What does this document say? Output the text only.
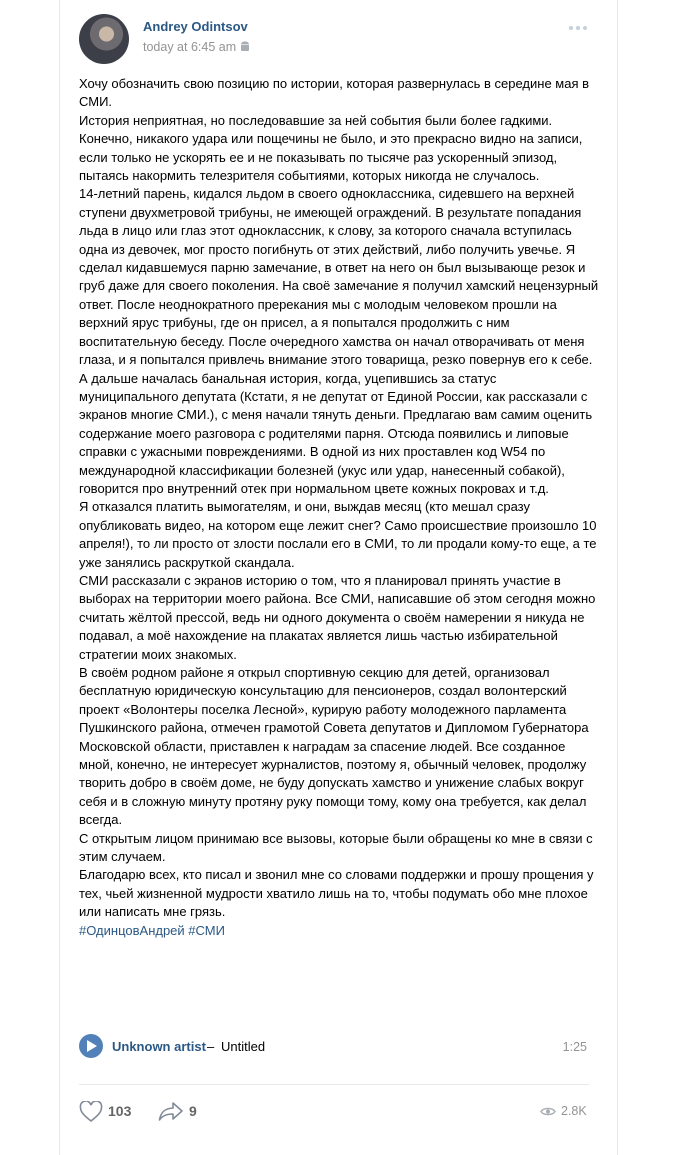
Andrey Odintsov
today at 6:45 am

Хочу обозначить свою позицию по истории, которая развернулась в середине мая в СМИ.

История неприятная, но последовавшие за ней события были более гадкими.

Конечно, никакого удара или пощечины не было, и это прекрасно видно на записи, если только не ускорять ее и не показывать по тысяче раз ускоренный эпизод, пытаясь накормить телезрителя событиями, которых никогда не случалось.

14-летний парень, кидался льдом в своего одноклассника, сидевшего на верхней ступени двухметровой трибуны, не имеющей ограждений. В результате попадания льда в лицо или глаз этот одноклассник, к слову, за которого сначала вступилась одна из девочек, мог просто погибнуть от этих действий, либо получить увечье. Я сделал кидавшемуся парню замечание, в ответ на него он был вызывающе резок и груб даже для своего поколения. На своё замечание я получил хамский нецензурный ответ. После неоднократного пререкания мы с молодым человеком прошли на верхний ярус трибуны, где он присел, а я попытался продолжить с ним воспитательную беседу. После очередного хамства он начал отворачивать от меня глаза, и я попытался привлечь внимание этого товарища, резко повернув его к себе.

А дальше началась банальная история, когда, уцепившись за статус муниципального депутата (Кстати, я не депутат от Единой России, как рассказали с экранов многие СМИ.), с меня начали тянуть деньги. Предлагаю вам самим оценить содержание моего разговора с родителями парня. Отсюда появились и липовые справки с ужасными повреждениями. В одной из них проставлен код W54 по международной классификации болезней (укус или удар, нанесенный собакой), говорится про внутренний отек при нормальном цвете кожных покровах и т.д.

Я отказался платить вымогателям, и они, выждав месяц (кто мешал сразу опубликовать видео, на котором еще лежит снег? Само происшествие произошло 10 апреля!), то ли просто от злости послали его в СМИ, то ли продали кому-то еще, а те уже занялись раскруткой скандала.

СМИ рассказали с экранов историю о том, что я планировал принять участие в выборах на территории моего района. Все СМИ, написавшие об этом сегодня можно считать жёлтой прессой, ведь ни одного документа о своём намерении я никуда не подавал, а моё нахождение на плакатах является лишь частью избирательной стратегии моих знакомых.

В своём родном районе я открыл спортивную секцию для детей, организовал бесплатную юридическую консультацию для пенсионеров, создал волонтерский проект «Волонтеры поселка Лесной», курирую работу молодежного парламента Пушкинского района, отмечен грамотой Совета депутатов и Дипломом Губернатора Московской области, приставлен к наградам за спасение людей. Все созданное мной, конечно, не интересует журналистов, поэтому я, обычный человек, продолжу творить добро в своём доме, не буду допускать хамство и унижение слабых вокруг себя и в сложную минуту протяну руку помощи тому, кому она требуется, как делал всегда.

С открытым лицом принимаю все вызовы, которые были обращены ко мне в связи с этим случаем.

Благодарю всех, кто писал и звонил мне со словами поддержки и прошу прощения у тех, чьей жизненной мудрости хватило лишь на то, чтобы подумать обо мне плохое или написать мне грязь.

#ОдинцовАндрей #СМИ

Unknown artist – Untitled	1:25
103	9	2.8K
